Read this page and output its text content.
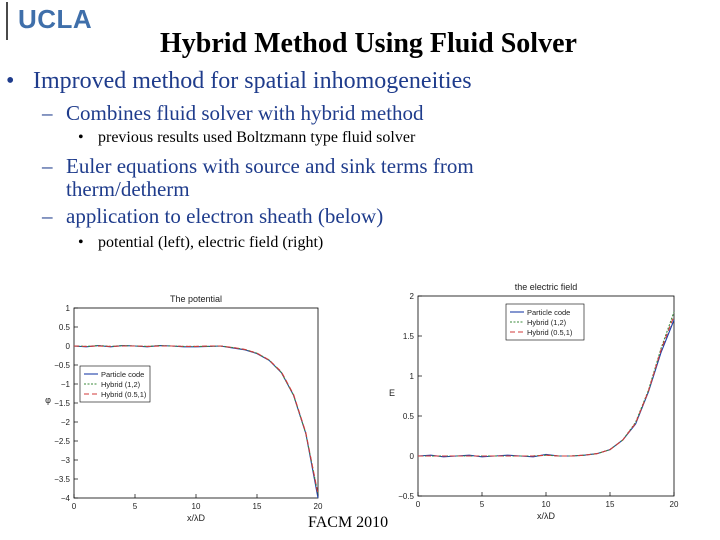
UCLA
Hybrid Method Using Fluid Solver
• Improved method for spatial inhomogeneities
– Combines fluid solver with hybrid method
• previous results used Boltzmann type fluid solver
– Euler equations with source and sink terms from
therm/detherm
– application to electron sheath (below)
• potential (left), electric field (right)
The potential
0	5	10	15	20
1
0.5
0
−0.5
−1
−1.5
−2
−2.5
−3
−3.5
−4
x/λD
φ
Particle code
Hybrid (1,2)
Hybrid (0.5,1)
the electric field
0	5	10	15	20
2
1.5
1
0.5
0
−0.5
x/λD
E
Particle code
Hybrid (1,2)
Hybrid (0.5,1)
FACM 2010
